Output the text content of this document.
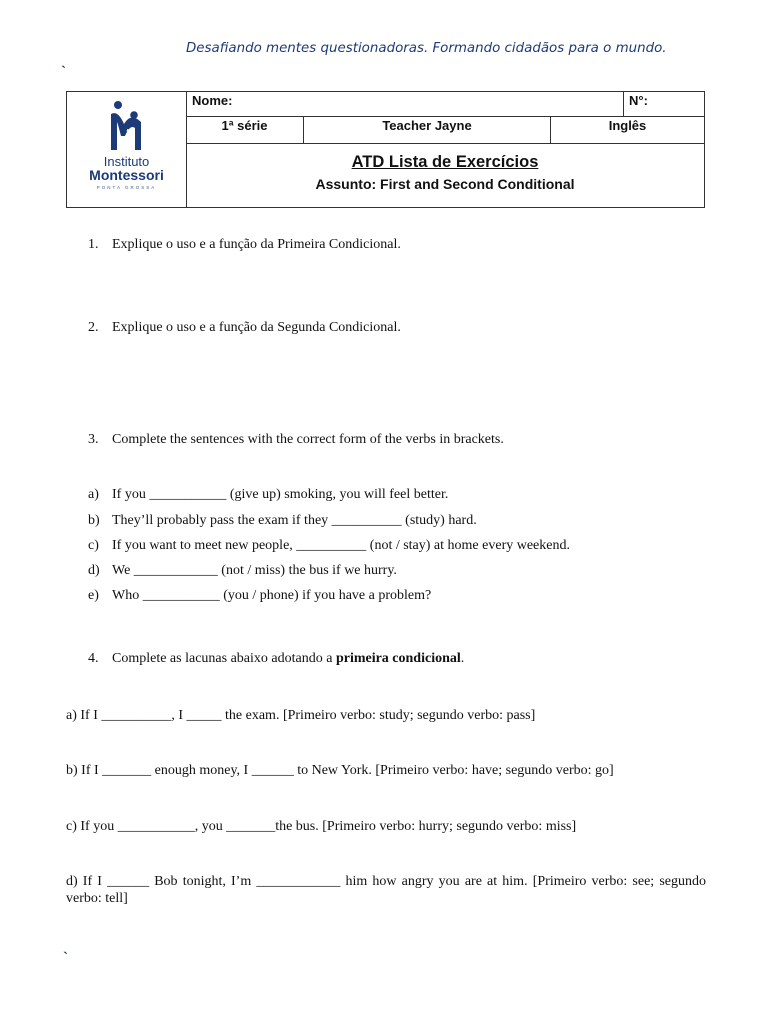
Desafiando mentes questionadoras. Formando cidadãos para o mundo.
`
Instituto
Montessori
PONTA GROSSA
Nome:	N°:
1ª série	Teacher Jayne	Inglês
ATD Lista de Exercícios
Assunto: First and Second Conditional
1. Explique o uso e a função da Primeira Condicional.
2. Explique o uso e a função da Segunda Condicional.
3. Complete the sentences with the correct form of the verbs in brackets.
a) If you ___________ (give up) smoking, you will feel better.
b) They’ll probably pass the exam if they __________ (study) hard.
c) If you want to meet new people, __________ (not / stay) at home every weekend.
d) We ____________ (not / miss) the bus if we hurry.
e) Who ___________ (you / phone) if you have a problem?
4. Complete as lacunas abaixo adotando a primeira condicional.
a) If I __________, I _____ the exam. [Primeiro verbo: study; segundo verbo: pass]
b) If I _______ enough money, I ______ to New York. [Primeiro verbo: have; segundo verbo: go]
c) If you ___________, you _______the bus. [Primeiro verbo: hurry; segundo verbo: miss]
d) If I ______ Bob tonight, I’m ____________ him how angry you are at him. [Primeiro verbo: see; segundo verbo: tell]
`
